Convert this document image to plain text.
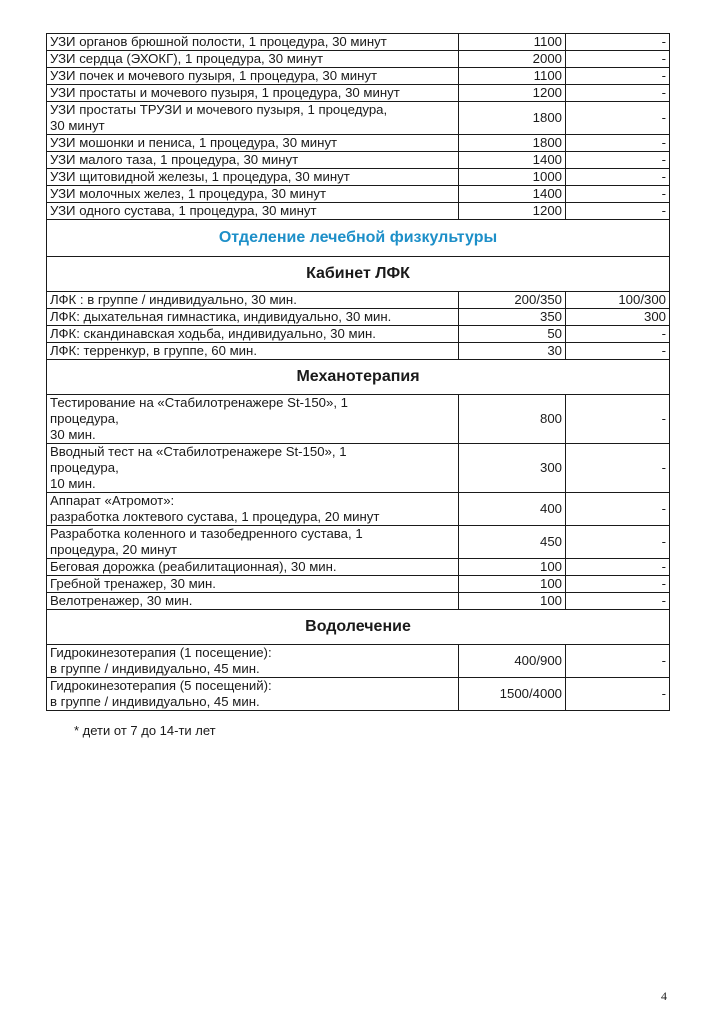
УЗИ органов брюшной полости, 1 процедура, 30 минут	1100	-
УЗИ сердца (ЭХОКГ), 1 процедура, 30 минут	2000	-
УЗИ почек и мочевого пузыря, 1 процедура, 30 минут	1100	-
УЗИ простаты и мочевого пузыря, 1 процедура, 30 минут	1200	-

УЗИ простаты ТРУЗИ и мочевого пузыря, 1 процедура,
30 минут	1800	-
УЗИ мошонки и пениса, 1 процедура, 30 минут	1800	-
УЗИ малого таза, 1 процедура, 30 минут	1400	-
УЗИ щитовидной железы, 1 процедура, 30 минут	1000	-
УЗИ молочных желез, 1 процедура, 30 минут	1400	-
УЗИ одного сустава, 1 процедура, 30 минут	1200	-
Отделение лечебной физкультуры		
Кабинет ЛФК		
ЛФК : в группе / индивидуально, 30 мин.	200/350	100/300
ЛФК: дыхательная гимнастика, индивидуально, 30 мин.	350	300
ЛФК: скандинавская ходьба, индивидуально, 30 мин.	50	-
ЛФК: терренкур, в группе, 60 мин.	30	-
Механотерапия		

Тестирование на «Стабилотренажере St-150», 1
процедура,
30 мин.	800	-

Вводный тест на «Стабилотренажере St-150», 1
процедура,
10 мин.	300	-

Аппарат «Атромот»:
разработка локтевого сустава, 1 процедура, 20 минут	400	-

Разработка коленного и тазобедренного сустава, 1
процедура, 20 минут	450	-
Беговая дорожка (реабилитационная), 30 мин.	100	-
Гребной тренажер, 30 мин.	100	-
Велотренажер, 30 мин.	100	-
Водолечение		

Гидрокинезотерапия (1 посещение):
в группе / индивидуально, 45 мин.	400/900	-

Гидрокинезотерапия (5 посещений):
в группе / индивидуально, 45 мин.	1500/4000	-
* дети от 7 до 14-ти лет
4
